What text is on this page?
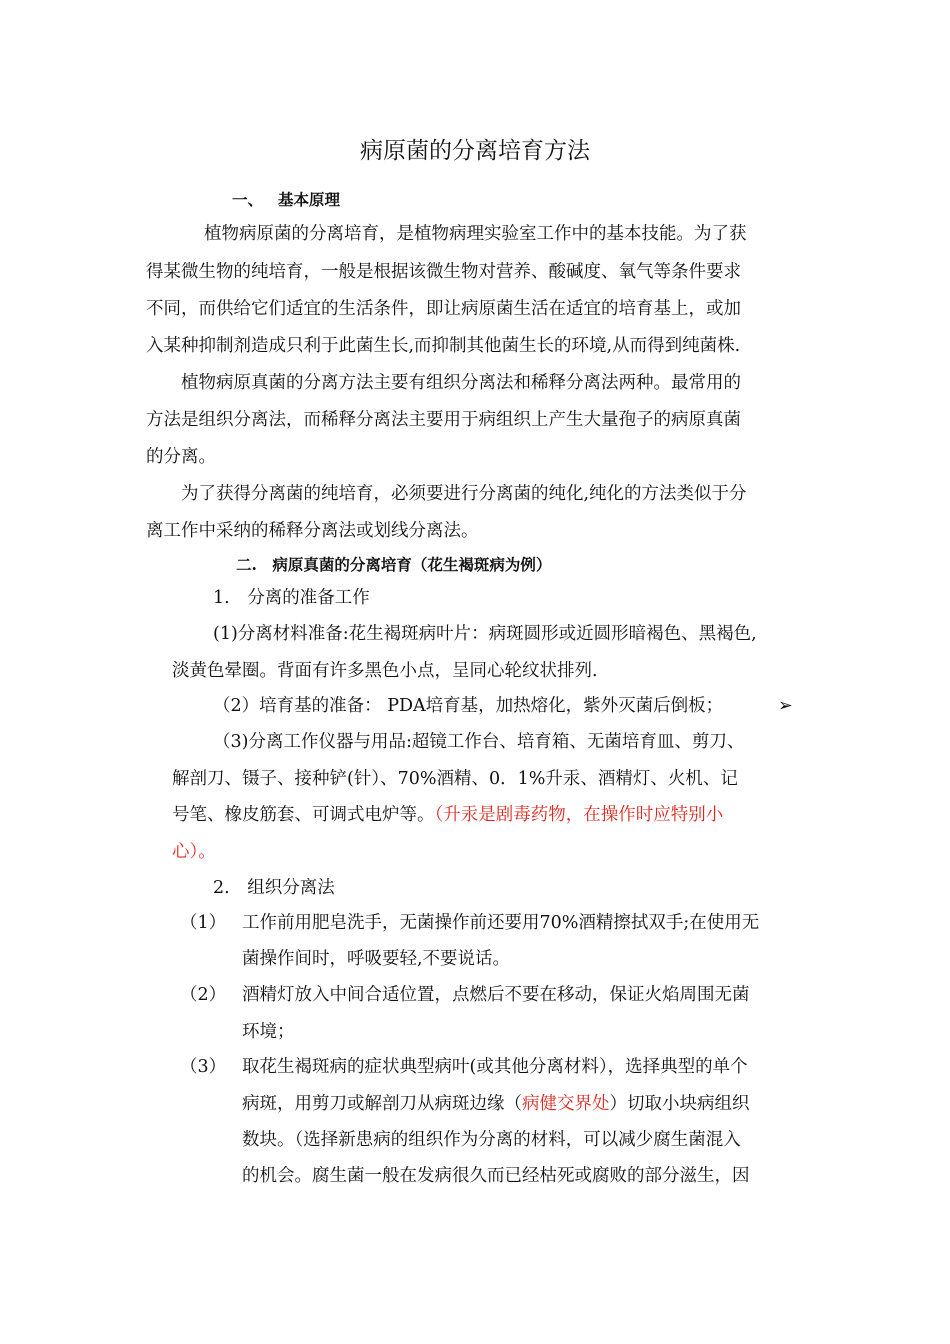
病原菌的分离培育方法
一、 基本原理
植物病原菌的分离培育，是植物病理实验室工作中的基本技能。为了获
得某微生物的纯培育，一般是根据该微生物对营养、酸碱度、氧气等条件要求
不同，而供给它们适宜的生活条件，即让病原菌生活在适宜的培育基上，或加
入某种抑制剂造成只利于此菌生长,而抑制其他菌生长的环境,从而得到纯菌株.
植物病原真菌的分离方法主要有组织分离法和稀释分离法两种。最常用的
方法是组织分离法，而稀释分离法主要用于病组织上产生大量孢子的病原真菌
的分离。
为了获得分离菌的纯培育，必须要进行分离菌的纯化,纯化的方法类似于分
离工作中采纳的稀释分离法或划线分离法。
二.　病原真菌的分离培育（花生褐斑病为例）
1.　分离的准备工作
(1)分离材料准备:花生褐斑病叶片：病斑圆形或近圆形暗褐色、黑褐色,
淡黄色晕圈。背面有许多黑色小点，呈同心轮纹状排列.
（2）培育基的准备： PDA培育基，加热熔化，紫外灭菌后倒板；	➢
（3)分离工作仪器与用品:超镜工作台、培育箱、无菌培育皿、剪刀、
解剖刀、镊子、接种铲(针）、70%酒精、0．1%升汞、酒精灯、火机、记
号笔、橡皮筋套、可调式电炉等。（升汞是剧毒药物，在操作时应特别小
心）。
2.　组织分离法
（1） 工作前用肥皂洗手，无菌操作前还要用70%酒精擦拭双手;在使用无
菌操作间时，呼吸要轻,不要说话。
（2） 酒精灯放入中间合适位置，点燃后不要在移动，保证火焰周围无菌
环境；
（3） 取花生褐斑病的症状典型病叶(或其他分离材料），选择典型的单个
病斑，用剪刀或解剖刀从病斑边缘（病健交界处）切取小块病组织
数块。（选择新患病的组织作为分离的材料，可以减少腐生菌混入
的机会。腐生菌一般在发病很久而已经枯死或腐败的部分滋生，因
